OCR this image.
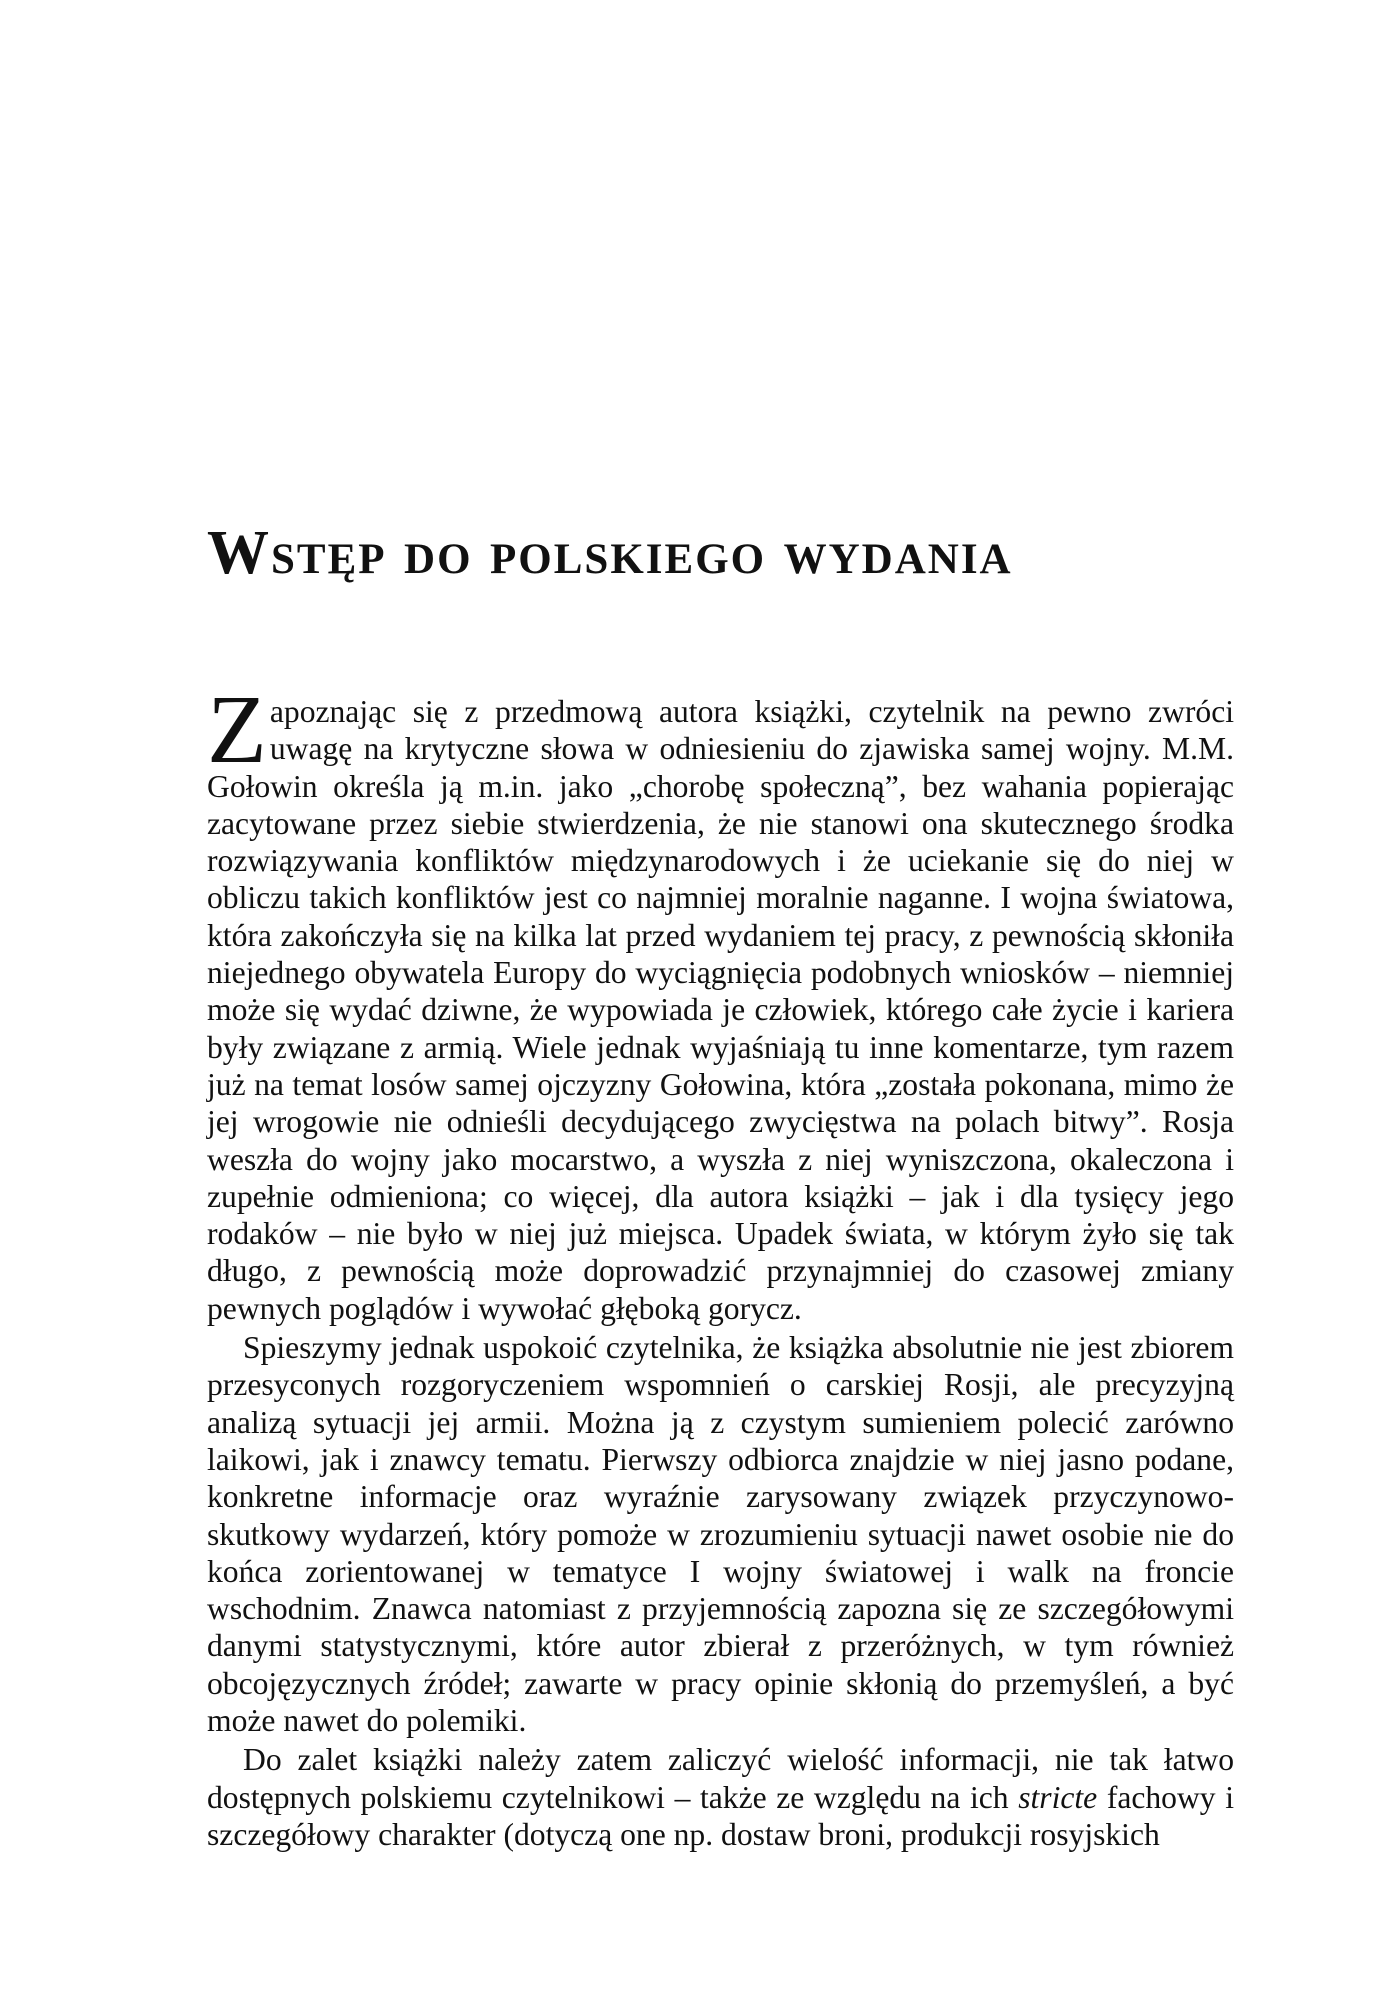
Wstęp do polskiego wydania

Zapoznając się z przedmową autora książki, czytelnik na pewno zwróci uwagę na krytyczne słowa w odniesieniu do zjawiska samej wojny. M.M. Gołowin określa ją m.in. jako „chorobę społeczną”, bez wahania popierając zacytowane przez siebie stwierdzenia, że nie stanowi ona skutecznego środka rozwiązywania konfliktów międzynarodowych i że uciekanie się do niej w obliczu takich konfliktów jest co najmniej moralnie naganne. I wojna światowa, która zakończyła się na kilka lat przed wydaniem tej pracy, z pewnością skłoniła niejednego obywatela Europy do wyciągnięcia podobnych wniosków – niemniej może się wydać dziwne, że wypowiada je człowiek, którego całe życie i kariera były związane z armią. Wiele jednak wyjaśniają tu inne komentarze, tym razem już na temat losów samej ojczyzny Gołowina, która „została pokonana, mimo że jej wrogowie nie odnieśli decydującego zwycięstwa na polach bitwy”. Rosja weszła do wojny jako mocarstwo, a wyszła z niej wyniszczona, okaleczona i zupełnie odmieniona; co więcej, dla autora książki – jak i dla tysięcy jego rodaków – nie było w niej już miejsca. Upadek świata, w którym żyło się tak długo, z pewnością może doprowadzić przynajmniej do czasowej zmiany pewnych poglądów i wywołać głęboką gorycz.

Spieszymy jednak uspokoić czytelnika, że książka absolutnie nie jest zbiorem przesyconych rozgoryczeniem wspomnień o carskiej Rosji, ale precyzyjną analizą sytuacji jej armii. Można ją z czystym sumieniem polecić zarówno laikowi, jak i znawcy tematu. Pierwszy odbiorca znajdzie w niej jasno podane, konkretne informacje oraz wyraźnie zarysowany związek przyczynowo-skutkowy wydarzeń, który pomoże w zrozumieniu sytuacji nawet osobie nie do końca zorientowanej w tematyce I wojny światowej i walk na froncie wschodnim. Znawca natomiast z przyjemnością zapozna się ze szczegółowymi danymi statystycznymi, które autor zbierał z przeróżnych, w tym również obcojęzycznych źródeł; zawarte w pracy opinie skłonią do przemyśleń, a być może nawet do polemiki.

Do zalet książki należy zatem zaliczyć wielość informacji, nie tak łatwo dostępnych polskiemu czytelnikowi – także ze względu na ich stricte fachowy i szczegółowy charakter (dotyczą one np. dostaw broni, produkcji rosyjskich
